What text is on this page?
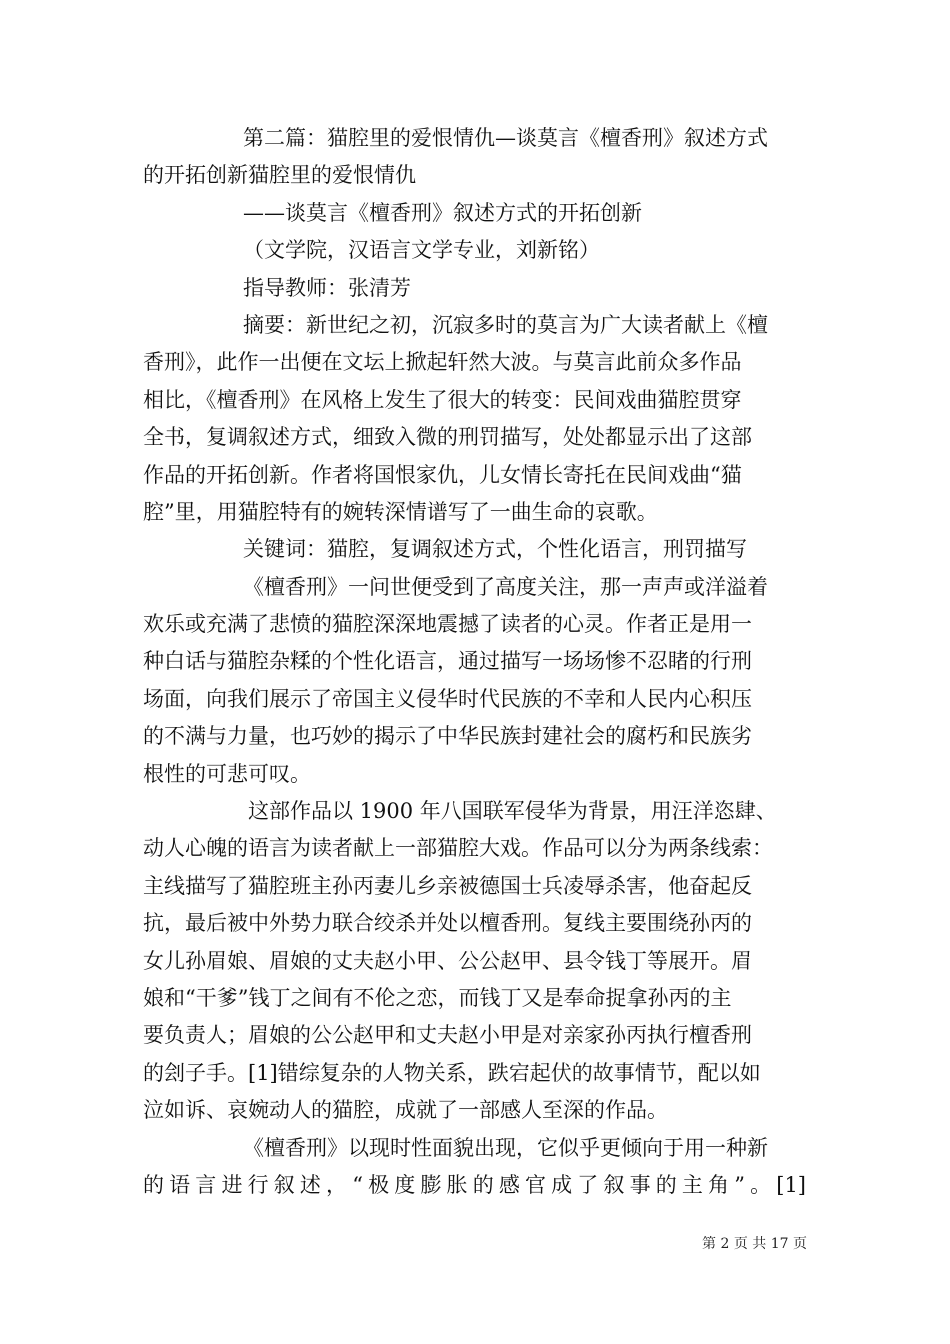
第二篇：猫腔里的爱恨情仇—谈莫言《檀香刑》叙述方式
的开拓创新猫腔里的爱恨情仇
——谈莫言《檀香刑》叙述方式的开拓创新
（文学院，汉语言文学专业，刘新铭）
指导教师：张清芳
摘要：新世纪之初，沉寂多时的莫言为广大读者献上《檀
香刑》，此作一出便在文坛上掀起轩然大波。与莫言此前众多作品
相比，《檀香刑》在风格上发生了很大的转变：民间戏曲猫腔贯穿
全书，复调叙述方式，细致入微的刑罚描写，处处都显示出了这部
作品的开拓创新。作者将国恨家仇，儿女情长寄托在民间戏曲“猫
腔”里，用猫腔特有的婉转深情谱写了一曲生命的哀歌。
关键词：猫腔，复调叙述方式，个性化语言，刑罚描写
《檀香刑》一问世便受到了高度关注，那一声声或洋溢着
欢乐或充满了悲愤的猫腔深深地震撼了读者的心灵。作者正是用一
种白话与猫腔杂糅的个性化语言，通过描写一场场惨不忍睹的行刑
场面，向我们展示了帝国主义侵华时代民族的不幸和人民内心积压
的不满与力量，也巧妙的揭示了中华民族封建社会的腐朽和民族劣
根性的可悲可叹。
这部作品以 1900 年八国联军侵华为背景，用汪洋恣肆、
动人心魄的语言为读者献上一部猫腔大戏。作品可以分为两条线索：
主线描写了猫腔班主孙丙妻儿乡亲被德国士兵凌辱杀害，他奋起反
抗，最后被中外势力联合绞杀并处以檀香刑。复线主要围绕孙丙的
女儿孙眉娘、眉娘的丈夫赵小甲、公公赵甲、县令钱丁等展开。眉
娘和“干爹”钱丁之间有不伦之恋，而钱丁又是奉命捉拿孙丙的主
要负责人；眉娘的公公赵甲和丈夫赵小甲是对亲家孙丙执行檀香刑
的刽子手。[1]错综复杂的人物关系，跌宕起伏的故事情节，配以如
泣如诉、哀婉动人的猫腔，成就了一部感人至深的作品。
《檀香刑》以现时性面貌出现，它似乎更倾向于用一种新
的语言进行叙述，“极度膨胀的感官成了叙事的主角”。[1]
第 2 页 共 17 页
